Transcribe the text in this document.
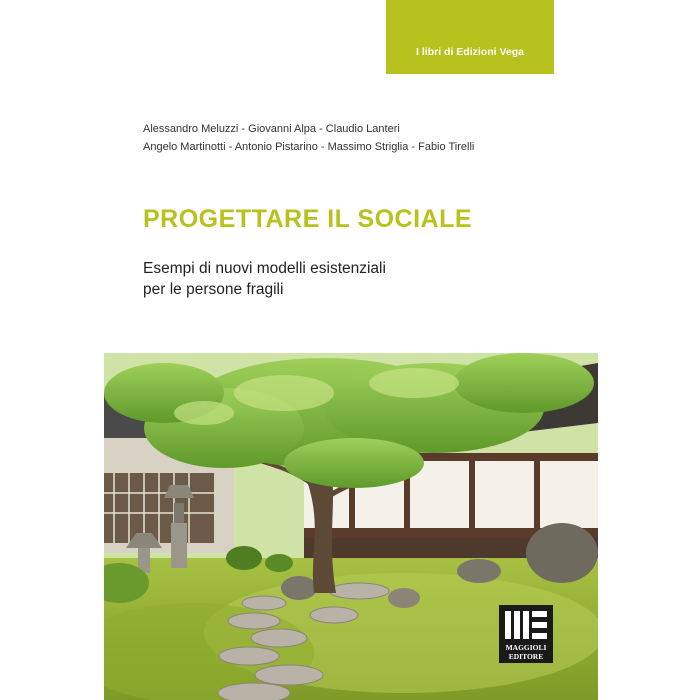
I libri di Edizioni Vega
Alessandro Meluzzi - Giovanni Alpa - Claudio Lanteri
Angelo Martinotti - Antonio Pistarino - Massimo Striglia - Fabio Tirelli
PROGETTARE IL SOCIALE
Esempi di nuovi modelli esistenziali
per le persone fragili
MAGGIOLI
EDITORE
